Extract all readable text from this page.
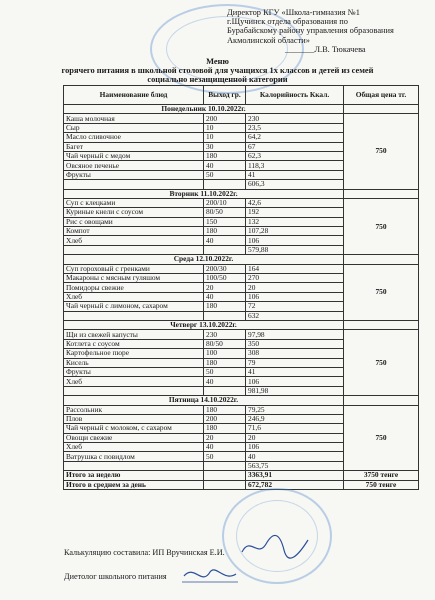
Директор КГУ «Школа-гимназия №1
г.Щучинск отдела образования по
Бурабайскому району управления образования
Акмолинской области»
_______Л.В. Тюкачева
Меню
горячего питания в школьной столовой для учащихся 1х классов и детей из семей
социально незащищенной категории
Наименование блюд	Выход гр.	Калорийность Ккал.	Общая цена тг.
Понедельник 10.10.2022г.			
Каша молочная	200	230	750
Сыр	10	23,5	
Масло сливочное	10	64,2	
Багет	30	67	
Чай черный с медом	180	62,3	
Овсяное печенье	40	118,3	
Фрукты	50	41	
		606,3	
Вторник 11.10.2022г.			
Суп с клецками	200/10	42,6	750
Куриные кнели с соусом	80/50	192	
Рис с овощами	150	132	
Компот	180	107,28	
Хлеб	40	106	
		579,88	
Среда 12.10.2022г.			
Суп гороховый с гренками	200/30	164	750
Макароны с мясным гуляшом	100/50	270	
Помидоры свежие	20	20	
Хлеб	40	106	
Чай черный с лимоном, сахаром	180	72	
		632	
Четверг 13.10.2022г.			
Щи из свежей капусты	230	97,98	750
Котлета с соусом	80/50	350	
Картофельное пюре	100	308	
Кисель	180	79	
Фрукты	50	41	
Хлеб	40	106	
		981,98	
Пятница 14.10.2022г.			
Рассольник	180	79,25	750
Плов	200	246,9	
Чай черный с молоком, с сахаром	180	71,6	
Овощи свежие	20	20	
Хлеб	40	106	
Ватрушка с повидлом	50	40	
		563,75	
Итого за неделю		3363,91	3750 тенге
Итого в среднем за день		672,782	750 тенге
Калькуляцию составила: ИП Вручинская Е.И.
Диетолог школьного питания
